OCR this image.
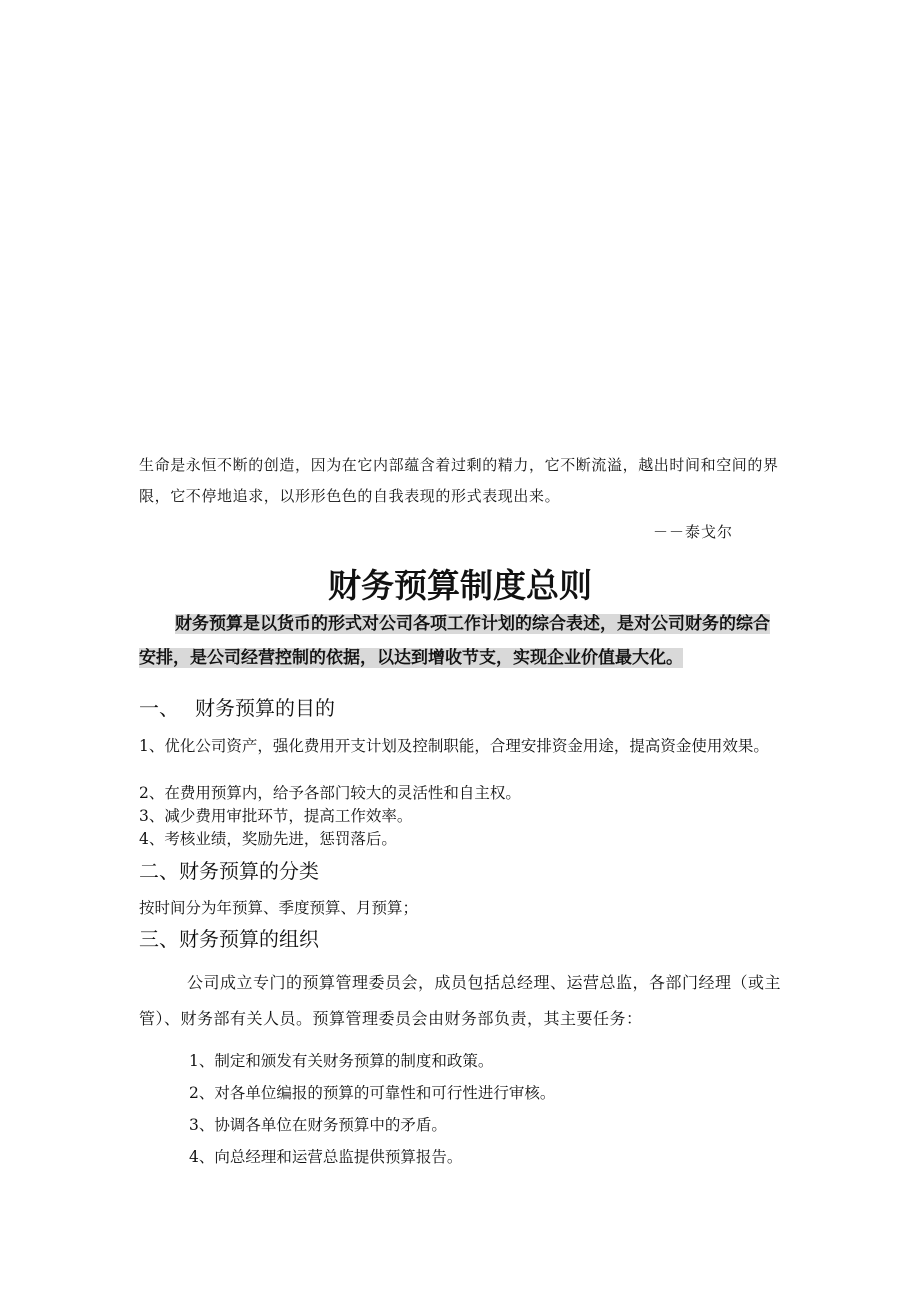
生命是永恒不断的创造，因为在它内部蕴含着过剩的精力，它不断流溢，越出时间和空间的界限，它不停地追求，以形形色色的自我表现的形式表现出来。

－－泰戈尔

财务预算制度总则

财务预算是以货币的形式对公司各项工作计划的综合表述，是对公司财务的综合安排，是公司经营控制的依据，以达到增收节支，实现企业价值最大化。

一、 财务预算的目的

1、优化公司资产，强化费用开支计划及控制职能，合理安排资金用途，提高资金使用效果。

2、在费用预算内，给予各部门较大的灵活性和自主权。

3、减少费用审批环节，提高工作效率。

4、考核业绩，奖励先进，惩罚落后。

二、财务预算的分类

按时间分为年预算、季度预算、月预算；

三、财务预算的组织

公司成立专门的预算管理委员会，成员包括总经理、运营总监，各部门经理（或主管）、财务部有关人员。预算管理委员会由财务部负责，其主要任务：

1、制定和颁发有关财务预算的制度和政策。
2、对各单位编报的预算的可靠性和可行性进行审核。
3、协调各单位在财务预算中的矛盾。
4、向总经理和运营总监提供预算报告。
